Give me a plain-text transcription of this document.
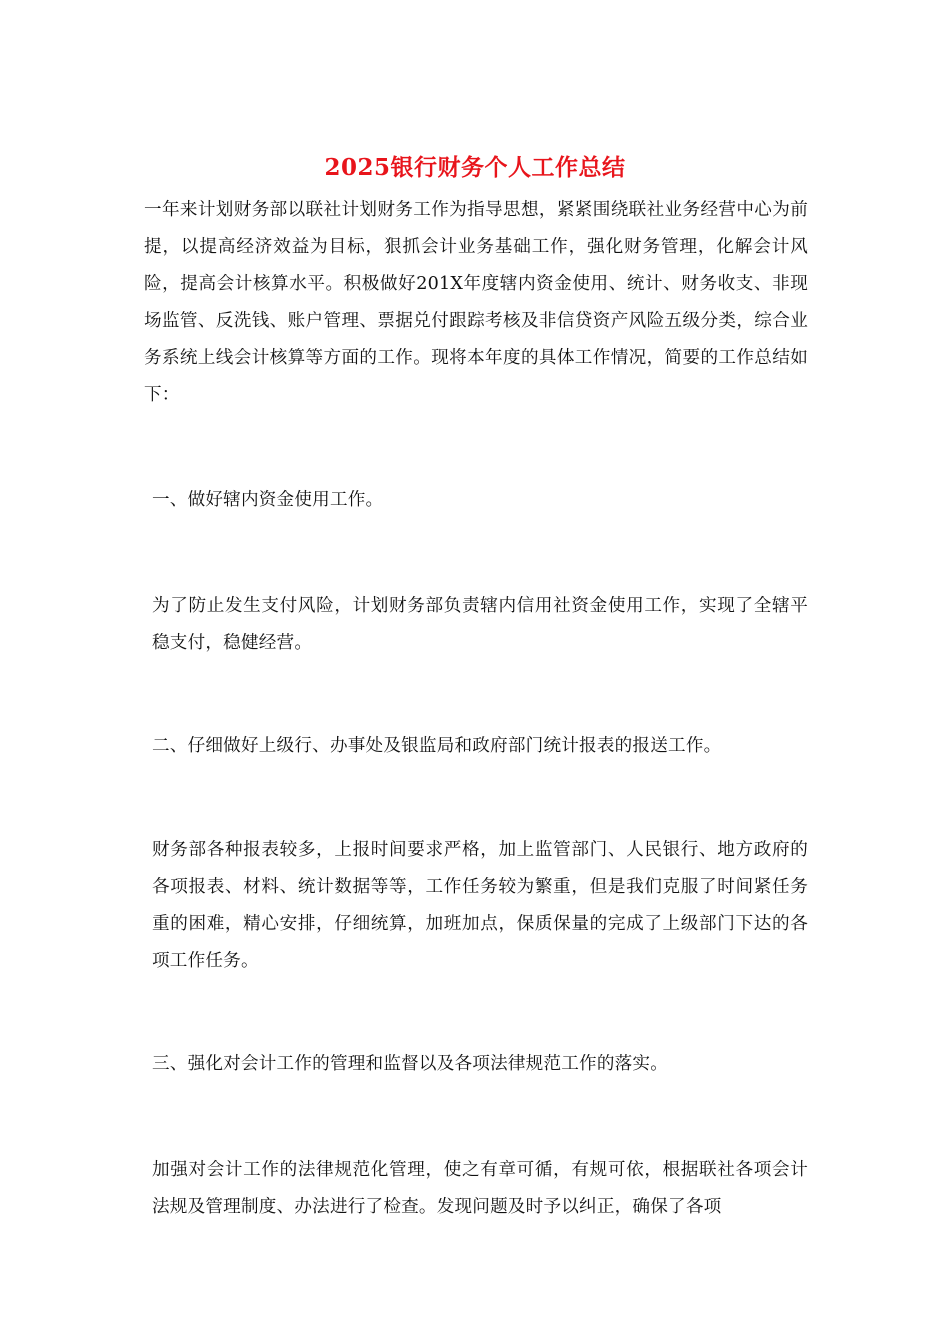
2025银行财务个人工作总结

一年来计划财务部以联社计划财务工作为指导思想，紧紧围绕联社业务经营中心为前提，以提高经济效益为目标，狠抓会计业务基础工作，强化财务管理，化解会计风险，提高会计核算水平。积极做好201X年度辖内资金使用、统计、财务收支、非现场监管、反洗钱、账户管理、票据兑付跟踪考核及非信贷资产风险五级分类，综合业务系统上线会计核算等方面的工作。现将本年度的具体工作情况，简要的工作总结如下：

一、做好辖内资金使用工作。

为了防止发生支付风险，计划财务部负责辖内信用社资金使用工作，实现了全辖平稳支付，稳健经营。

二、仔细做好上级行、办事处及银监局和政府部门统计报表的报送工作。

财务部各种报表较多，上报时间要求严格，加上监管部门、人民银行、地方政府的各项报表、材料、统计数据等等，工作任务较为繁重，但是我们克服了时间紧任务重的困难，精心安排，仔细统算，加班加点，保质保量的完成了上级部门下达的各项工作任务。

三、强化对会计工作的管理和监督以及各项法律规范工作的落实。

加强对会计工作的法律规范化管理，使之有章可循，有规可依，根据联社各项会计法规及管理制度、办法进行了检查。发现问题及时予以纠正，确保了各项
